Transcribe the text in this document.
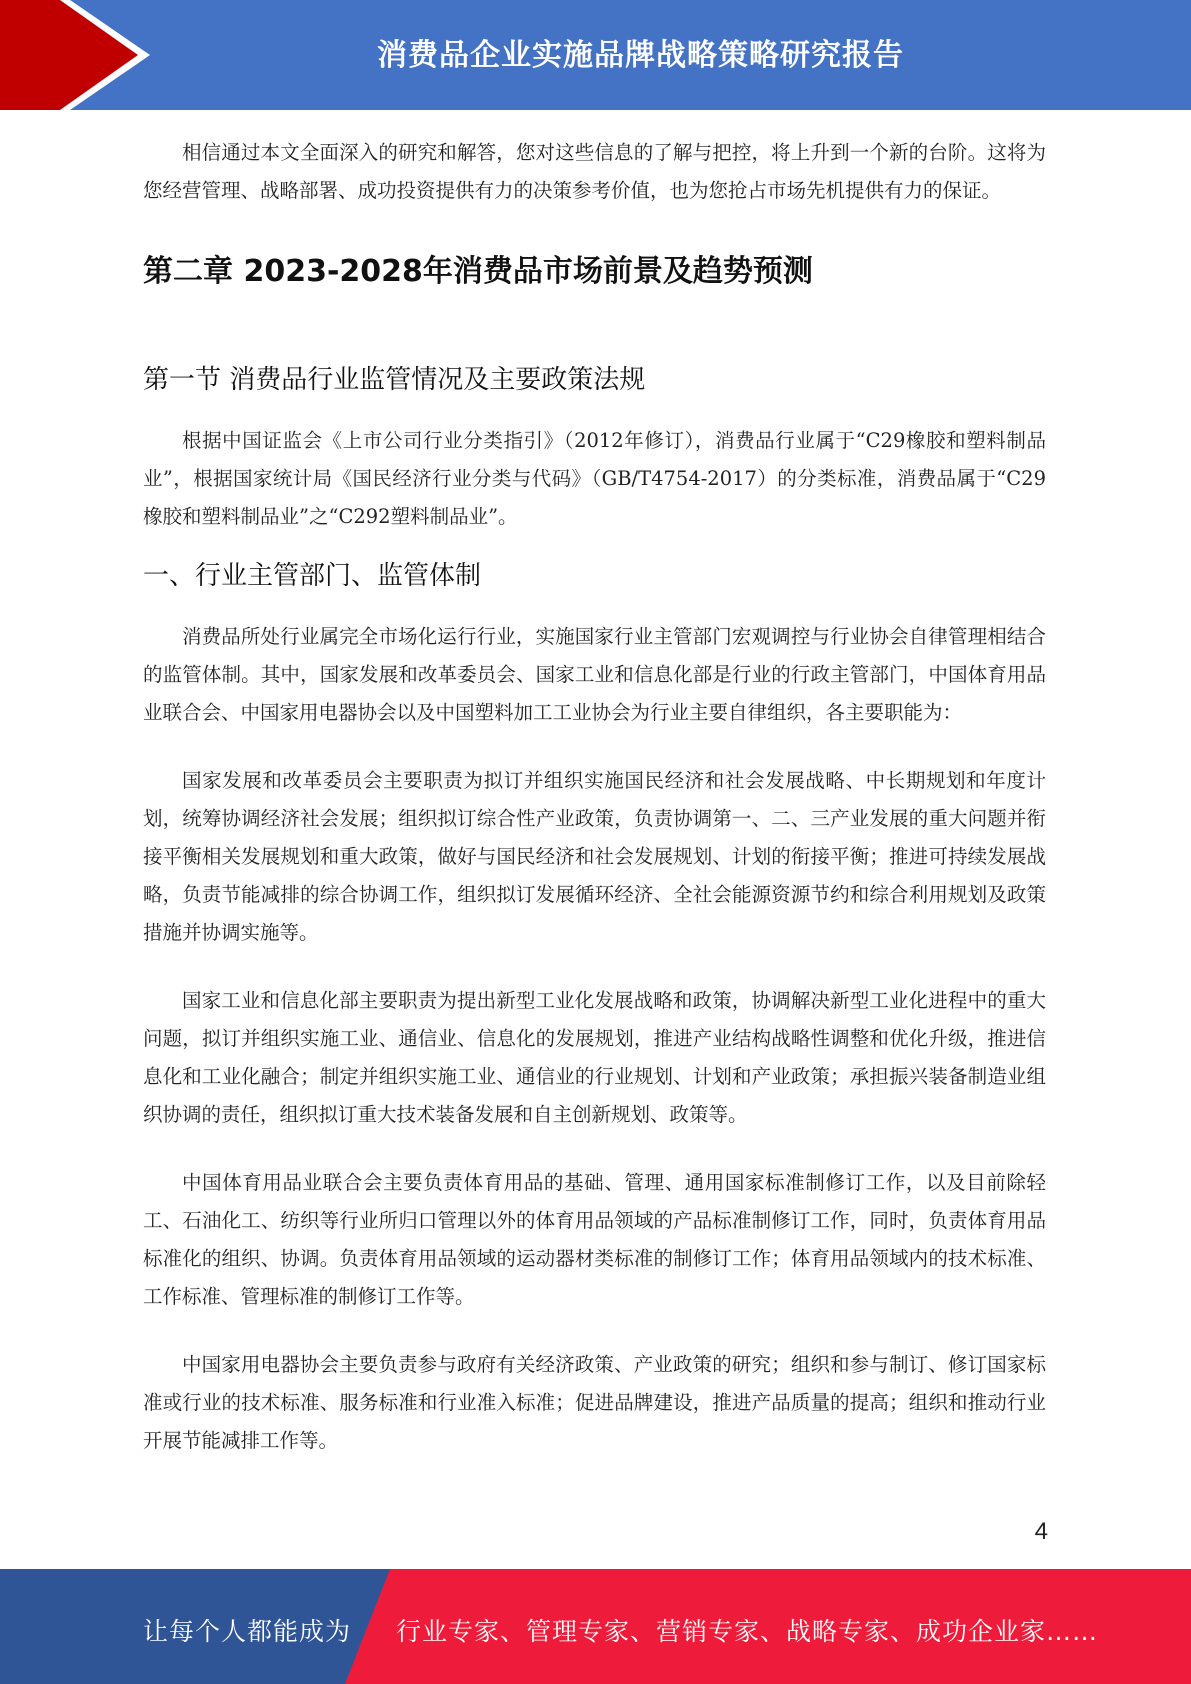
消费品企业实施品牌战略策略研究报告

相信通过本文全面深入的研究和解答，您对这些信息的了解与把控，将上升到一个新的台阶。这将为您经营管理、战略部署、成功投资提供有力的决策参考价值，也为您抢占市场先机提供有力的保证。

第二章 2023-2028年消费品市场前景及趋势预测
第一节 消费品行业监管情况及主要政策法规

根据中国证监会《上市公司行业分类指引》（2012年修订），消费品行业属于“C29橡胶和塑料制品业”，根据国家统计局《国民经济行业分类与代码》（GB/T4754-2017）的分类标准，消费品属于“C29橡胶和塑料制品业”之“C292塑料制品业”。

一、行业主管部门、监管体制

消费品所处行业属完全市场化运行行业，实施国家行业主管部门宏观调控与行业协会自律管理相结合的监管体制。其中，国家发展和改革委员会、国家工业和信息化部是行业的行政主管部门，中国体育用品业联合会、中国家用电器协会以及中国塑料加工工业协会为行业主要自律组织，各主要职能为：

国家发展和改革委员会主要职责为拟订并组织实施国民经济和社会发展战略、中长期规划和年度计划，统筹协调经济社会发展；组织拟订综合性产业政策，负责协调第一、二、三产业发展的重大问题并衔接平衡相关发展规划和重大政策，做好与国民经济和社会发展规划、计划的衔接平衡；推进可持续发展战略，负责节能减排的综合协调工作，组织拟订发展循环经济、全社会能源资源节约和综合利用规划及政策措施并协调实施等。

国家工业和信息化部主要职责为提出新型工业化发展战略和政策，协调解决新型工业化进程中的重大问题，拟订并组织实施工业、通信业、信息化的发展规划，推进产业结构战略性调整和优化升级，推进信息化和工业化融合；制定并组织实施工业、通信业的行业规划、计划和产业政策；承担振兴装备制造业组织协调的责任，组织拟订重大技术装备发展和自主创新规划、政策等。

中国体育用品业联合会主要负责体育用品的基础、管理、通用国家标准制修订工作，以及目前除轻工、石油化工、纺织等行业所归口管理以外的体育用品领域的产品标准制修订工作，同时，负责体育用品标准化的组织、协调。负责体育用品领域的运动器材类标准的制修订工作；体育用品领域内的技术标准、工作标准、管理标准的制修订工作等。

中国家用电器协会主要负责参与政府有关经济政策、产业政策的研究；组织和参与制订、修订国家标准或行业的技术标准、服务标准和行业准入标准；促进品牌建设，推进产品质量的提高；组织和推动行业开展节能减排工作等。

4
让每个人都能成为 行业专家、管理专家、营销专家、战略专家、成功企业家……
